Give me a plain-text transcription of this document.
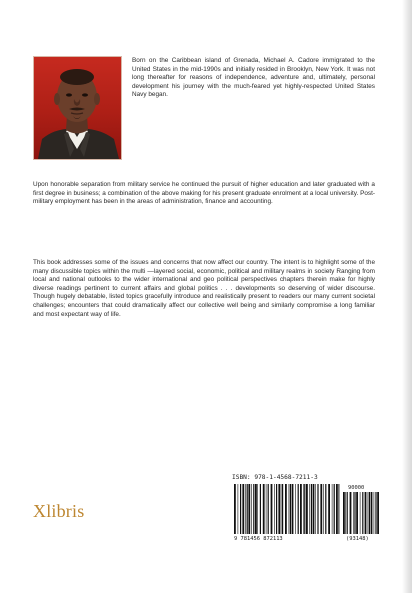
Born on the Caribbean island of Grenada, Michael A. Cadore immigrated to the United States in the mid-1990s and initially resided in Brooklyn, New York. It was not long thereafter for reasons of independence, adventure and, ultimately, personal development his journey with the much-feared yet highly-respected United States Navy began.
Upon honorable separation from military service he continued the pursuit of higher education and later graduated with a first degree in business; a combination of the above making for his present graduate enrolment at a local university. Post-military employment has been in the areas of administration, finance and accounting.
This book addresses some of the issues and concerns that now affect our country. The intent is to highlight some of the many discussible topics within the multi —layered social, economic, political and military realms in society Ranging from local and national outlooks to the wider international and geo political perspectives chapters therein make for highly diverse readings pertinent to current affairs and global politics . . . developments so deserving of wider discourse. Though hugely debatable, listed topics gracefully introduce and realistically present to readers our many current societal challenges; encounters that could dramatically affect our collective well being and similarly compromise a long familiar and most expectant way of life.
Xlibris
ISBN: 978-1-4568-7211-3
90000
9 781456 872113	(93148)
